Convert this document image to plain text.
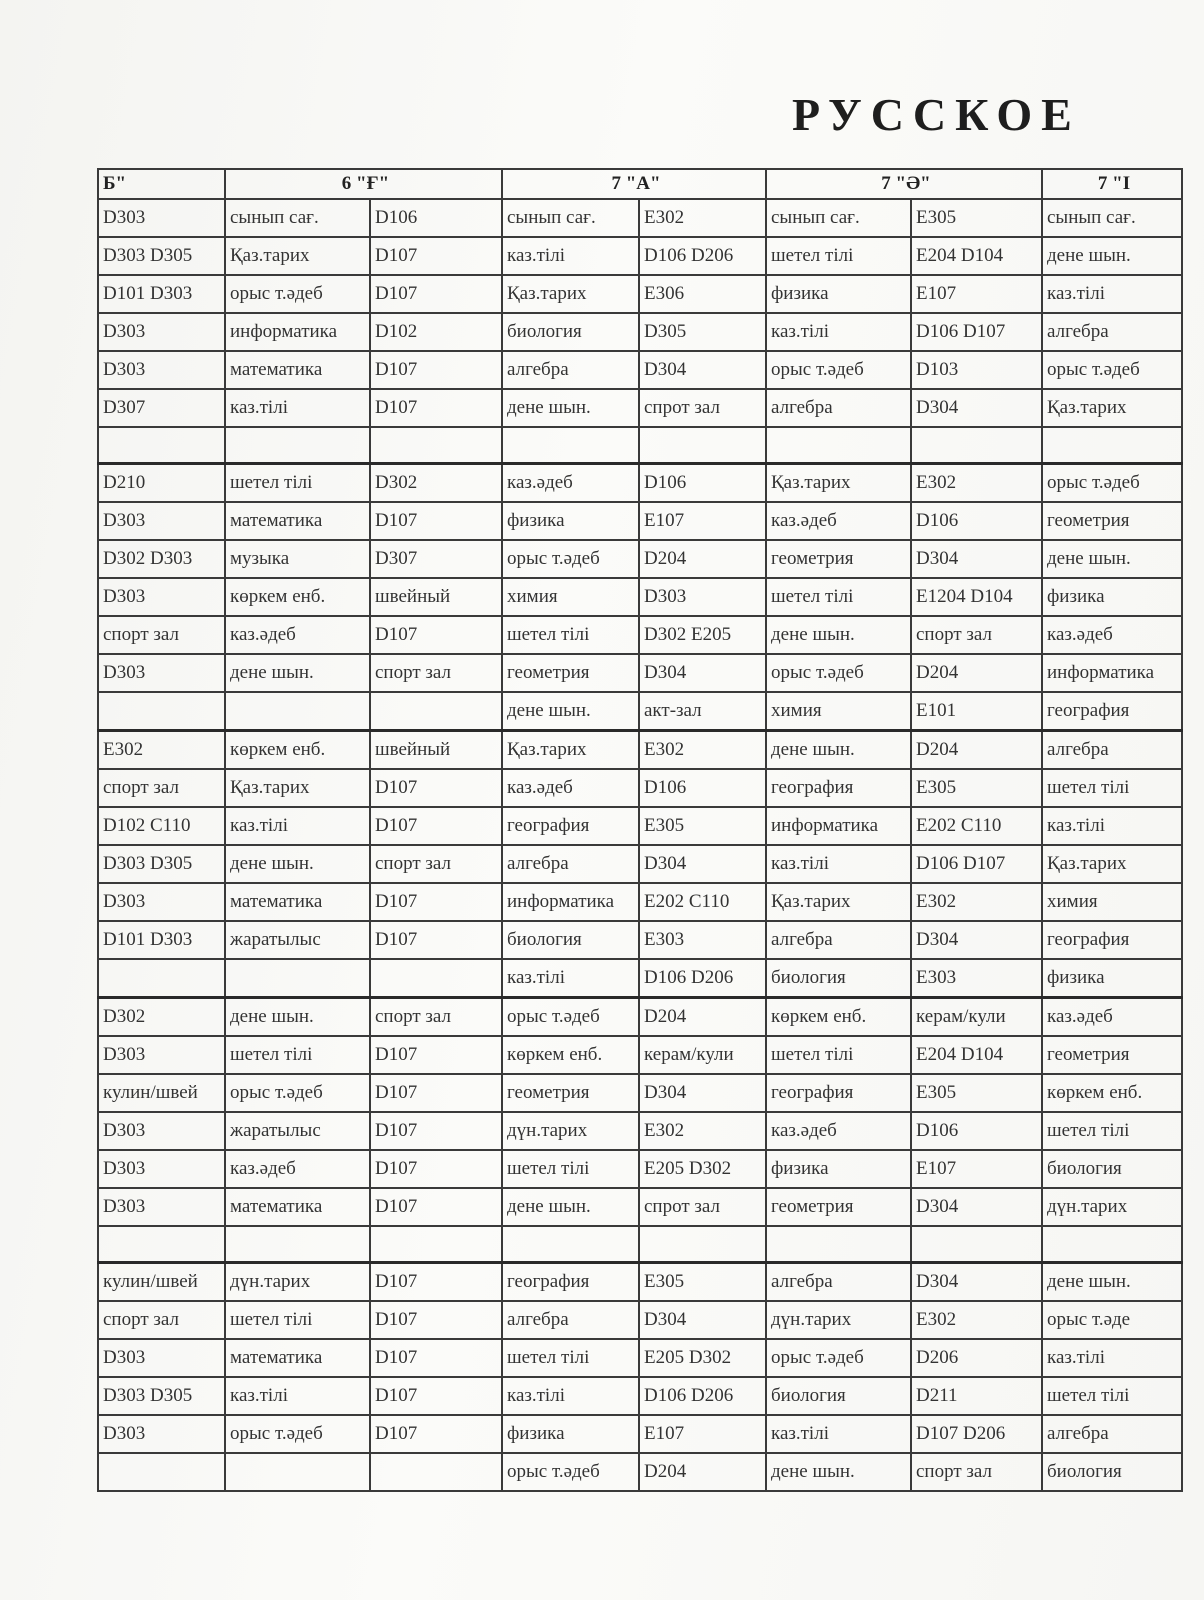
РУССКОЕ
Б"	6 "Ғ"		7 "А"		7 "Ә"		7 "І
D303	сынып сағ.	D106	сынып сағ.	E302	сынып сағ.	E305	сынып сағ.
D303 D305	Қаз.тарих	D107	каз.тілі	D106 D206	шетел тілі	E204 D104	дене шын.
D101 D303	орыс т.әдеб	D107	Қаз.тарих	E306	физика	E107	каз.тілі
D303	информатика	D102	биология	D305	каз.тілі	D106 D107	алгебра
D303	математика	D107	алгебра	D304	орыс т.әдеб	D103	орыс т.әдеб
D307	каз.тілі	D107	дене шын.	спрот зал	алгебра	D304	Қаз.тарих

D210	шетел тілі	D302	каз.әдеб	D106	Қаз.тарих	E302	орыс т.әдеб
D303	математика	D107	физика	E107	каз.әдеб	D106	геометрия
D302 D303	музыка	D307	орыс т.әдеб	D204	геометрия	D304	дене шын.
D303	көркем енб.	швейный	химия	D303	шетел тілі	E1204 D104	физика
спорт зал	каз.әдеб	D107	шетел тілі	D302 E205	дене шын.	спорт зал	каз.әдеб
D303	дене шын.	спорт зал	геометрия	D304	орыс т.әдеб	D204	информатика
			дене шын.	акт-зал	химия	E101	география
E302	көркем енб.	швейный	Қаз.тарих	E302	дене шын.	D204	алгебра
спорт зал	Қаз.тарих	D107	каз.әдеб	D106	география	E305	шетел тілі
D102 C110	каз.тілі	D107	география	E305	информатика	E202 C110	каз.тілі
D303 D305	дене шын.	спорт зал	алгебра	D304	каз.тілі	D106 D107	Қаз.тарих
D303	математика	D107	информатика	E202 C110	Қаз.тарих	E302	химия
D101 D303	жаратылыс	D107	биология	E303	алгебра	D304	география
			каз.тілі	D106 D206	биология	E303	физика
D302	дене шын.	спорт зал	орыс т.әдеб	D204	көркем енб.	керам/кули	каз.әдеб
D303	шетел тілі	D107	көркем енб.	керам/кули	шетел тілі	E204 D104	геометрия
кулин/швей	орыс т.әдеб	D107	геометрия	D304	география	E305	көркем енб.
D303	жаратылыс	D107	дүн.тарих	E302	каз.әдеб	D106	шетел тілі
D303	каз.әдеб	D107	шетел тілі	E205 D302	физика	E107	биология
D303	математика	D107	дене шын.	спрот зал	геометрия	D304	дүн.тарих

кулин/швей	дүн.тарих	D107	география	E305	алгебра	D304	дене шын.
спорт зал	шетел тілі	D107	алгебра	D304	дүн.тарих	E302	орыс т.әде
D303	математика	D107	шетел тілі	E205 D302	орыс т.әдеб	D206	каз.тілі
D303 D305	каз.тілі	D107	каз.тілі	D106 D206	биология	D211	шетел тілі
D303	орыс т.әдеб	D107	физика	E107	каз.тілі	D107 D206	алгебра
			орыс т.әдеб	D204	дене шын.	спорт зал	биология
